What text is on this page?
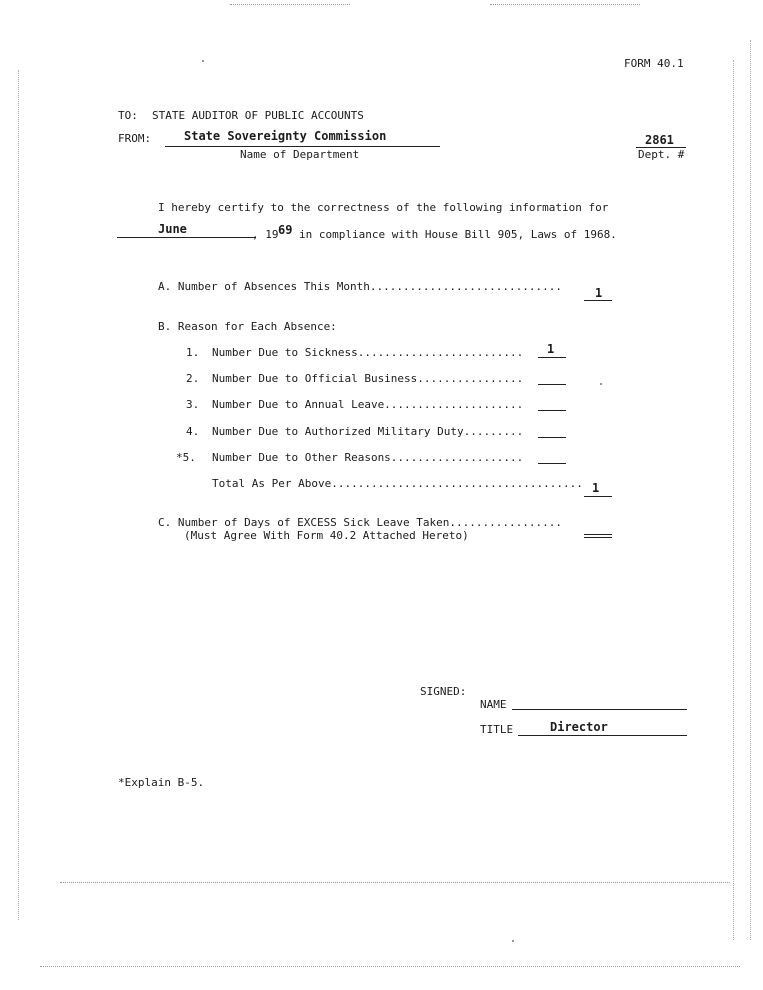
FORM 40.1
TO: STATE AUDITOR OF PUBLIC ACCOUNTS
FROM:	State Sovereignty Commission
Name of Department
2861
Dept. #
I hereby certify to the correctness of the following information for
June	, 19 69 in compliance with House Bill 905, Laws of 1968.
A. Number of Absences This Month.............................	1
B. Reason for Each Absence:
1. Number Due to Sickness......................... 1
2. Number Due to Official Business................
3. Number Due to Annual Leave.....................
4. Number Due to Authorized Military Duty.........
*5. Number Due to Other Reasons....................
Total As Per Above...................................... 1
C. Number of Days of EXCESS Sick Leave Taken.................
(Must Agree With Form 40.2 Attached Hereto)
SIGNED:
NAME
TITLE	Director
*Explain B-5.
